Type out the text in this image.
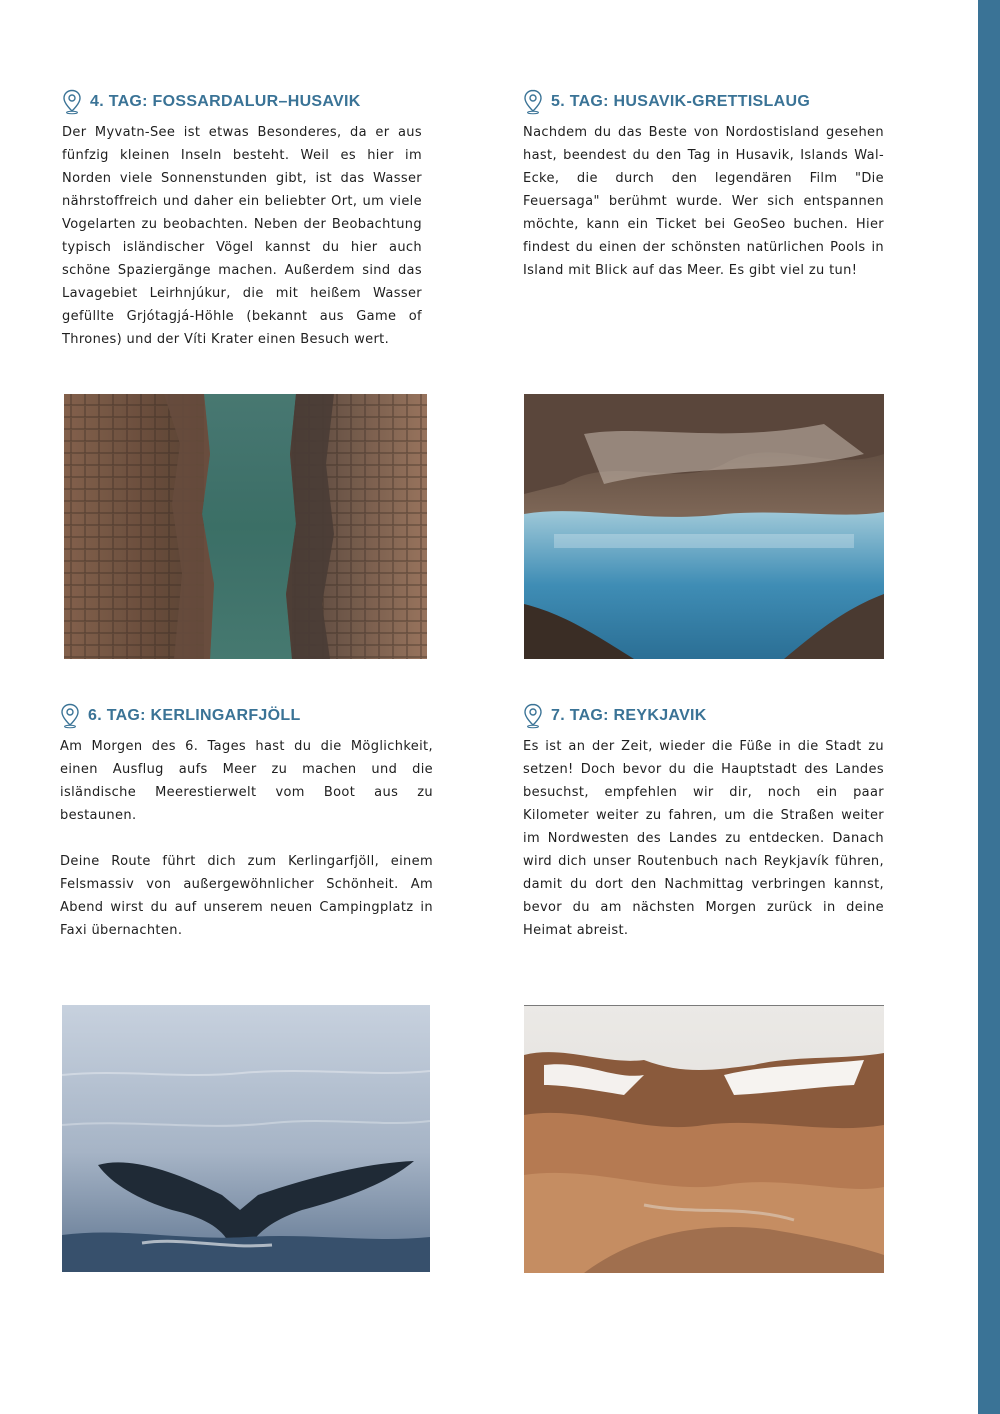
4. TAG: FOSSARDALUR–HUSAVIK

Der Myvatn-See ist etwas Besonderes, da er aus fünfzig kleinen Inseln besteht. Weil es hier im Norden viele Sonnenstunden gibt, ist das Wasser nährstoffreich und daher ein beliebter Ort, um viele Vogelarten zu beobachten. Neben der Beobachtung typisch isländischer Vögel kannst du hier auch schöne Spaziergänge machen. Außerdem sind das Lavagebiet Leirhnjúkur, die mit heißem Wasser gefüllte Grjótagjá-Höhle (bekannt aus Game of Thrones) und der Víti Krater einen Besuch wert.

5. TAG: HUSAVIK-GRETTISLAUG

Nachdem du das Beste von Nordostisland gesehen hast, beendest du den Tag in Husavik, Islands Wal-Ecke, die durch den legendären Film "Die Feuersaga" berühmt wurde. Wer sich entspannen möchte, kann ein Ticket bei GeoSeo buchen. Hier findest du einen der schönsten natürlichen Pools in Island mit Blick auf das Meer. Es gibt viel zu tun!

6. TAG: KERLINGARFJÖLL

Am Morgen des 6. Tages hast du die Möglichkeit, einen Ausflug aufs Meer zu machen und die isländische Meerestierwelt vom Boot aus zu bestaunen.

Deine Route führt dich zum Kerlingarfjöll, einem Felsmassiv von außergewöhnlicher Schönheit. Am Abend wirst du auf unserem neuen Campingplatz in Faxi übernachten.

7. TAG: REYKJAVIK

Es ist an der Zeit, wieder die Füße in die Stadt zu setzen! Doch bevor du die Hauptstadt des Landes besuchst, empfehlen wir dir, noch ein paar Kilometer weiter zu fahren, um die Straßen weiter im Nordwesten des Landes zu entdecken. Danach wird dich unser Routenbuch nach Reykjavík führen, damit du dort den Nachmittag verbringen kannst, bevor du am nächsten Morgen zurück in deine Heimat abreist.
